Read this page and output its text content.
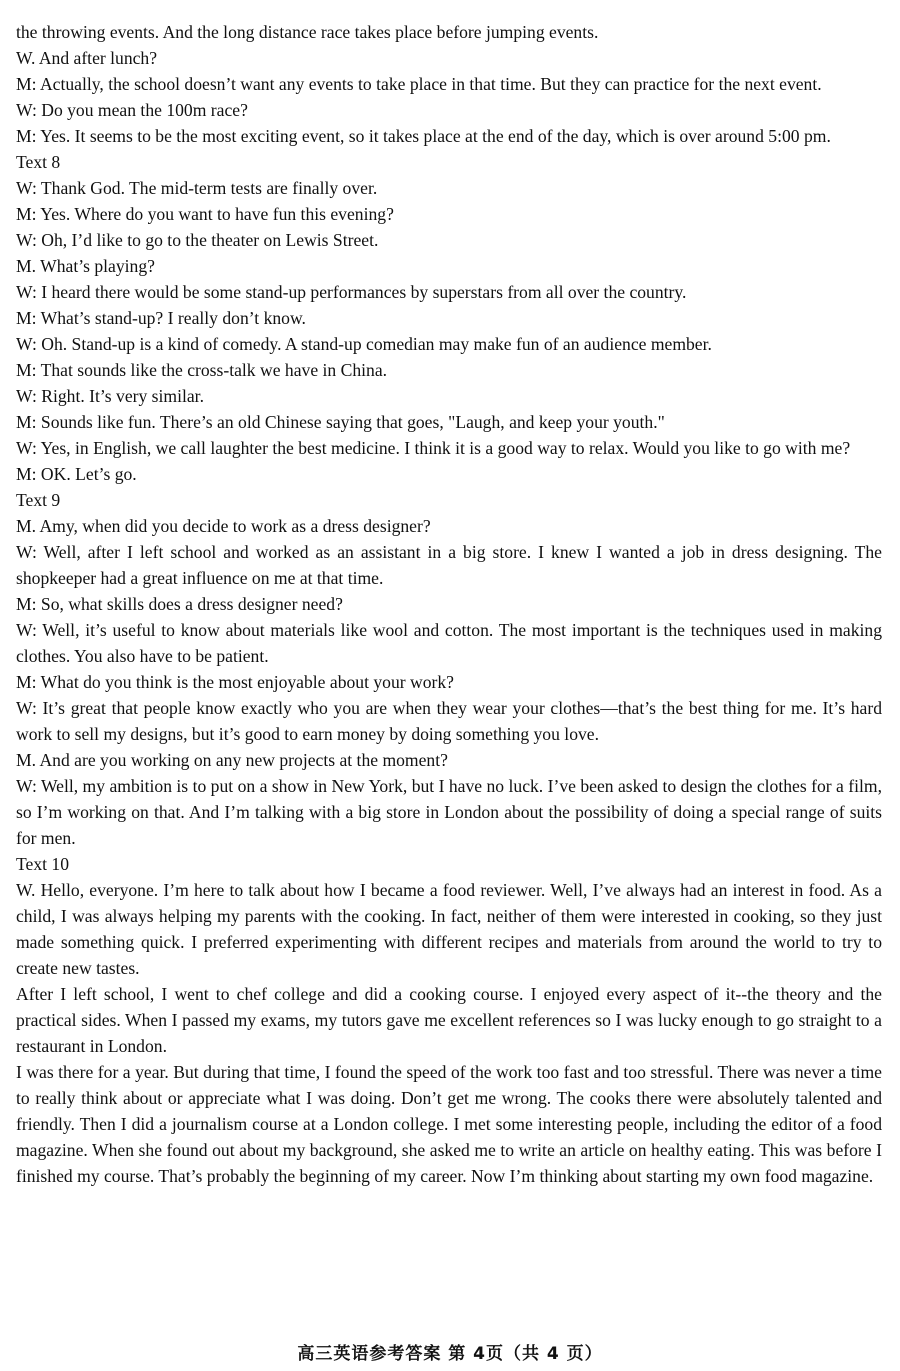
the throwing events. And the long distance race takes place before jumping events.

W. And after lunch?

M: Actually, the school doesn’t want any events to take place in that time. But they can practice for the next event.

W: Do you mean the 100m race?

M: Yes. It seems to be the most exciting event, so it takes place at the end of the day, which is over around 5:00 pm.

Text 8

W: Thank God. The mid-term tests are finally over.

M: Yes. Where do you want to have fun this evening?

W: Oh, I’d like to go to the theater on Lewis Street.

M. What’s playing?

W: I heard there would be some stand-up performances by superstars from all over the country.

M: What’s stand-up? I really don’t know.

W: Oh. Stand-up is a kind of comedy. A stand-up comedian may make fun of an audience member.

M: That sounds like the cross-talk we have in China.

W: Right. It’s very similar.

M: Sounds like fun. There’s an old Chinese saying that goes, "Laugh, and keep your youth."

W: Yes, in English, we call laughter the best medicine. I think it is a good way to relax. Would you like to go with me?

M: OK. Let’s go.

Text 9

M. Amy, when did you decide to work as a dress designer?

W: Well, after I left school and worked as an assistant in a big store. I knew I wanted a job in dress designing. The shopkeeper had a great influence on me at that time.

M: So, what skills does a dress designer need?

W: Well, it’s useful to know about materials like wool and cotton. The most important is the techniques used in making clothes. You also have to be patient.

M: What do you think is the most enjoyable about your work?

W: It’s great that people know exactly who you are when they wear your clothes—that’s the best thing for me. It’s hard work to sell my designs, but it’s good to earn money by doing something you love.

M. And are you working on any new projects at the moment?

W: Well, my ambition is to put on a show in New York, but I have no luck. I’ve been asked to design the clothes for a film, so I’m working on that. And I’m talking with a big store in London about the possibility of doing a special range of suits for men.

Text 10

W. Hello, everyone. I’m here to talk about how I became a food reviewer. Well, I’ve always had an interest in food. As a child, I was always helping my parents with the cooking. In fact, neither of them were interested in cooking, so they just made something quick. I preferred experimenting with different recipes and materials from around the world to try to create new tastes.

After I left school, I went to chef college and did a cooking course. I enjoyed every aspect of it--the theory and the practical sides. When I passed my exams, my tutors gave me excellent references so I was lucky enough to go straight to a restaurant in London.

I was there for a year. But during that time, I found the speed of the work too fast and too stressful. There was never a time to really think about or appreciate what I was doing. Don’t get me wrong. The cooks there were absolutely talented and friendly. Then I did a journalism course at a London college. I met some interesting people, including the editor of a food magazine. When she found out about my background, she asked me to write an article on healthy eating. This was before I finished my course. That’s probably the beginning of my career. Now I’m thinking about starting my own food magazine.

高三英语参考答案 第 4页（共 4 页）
